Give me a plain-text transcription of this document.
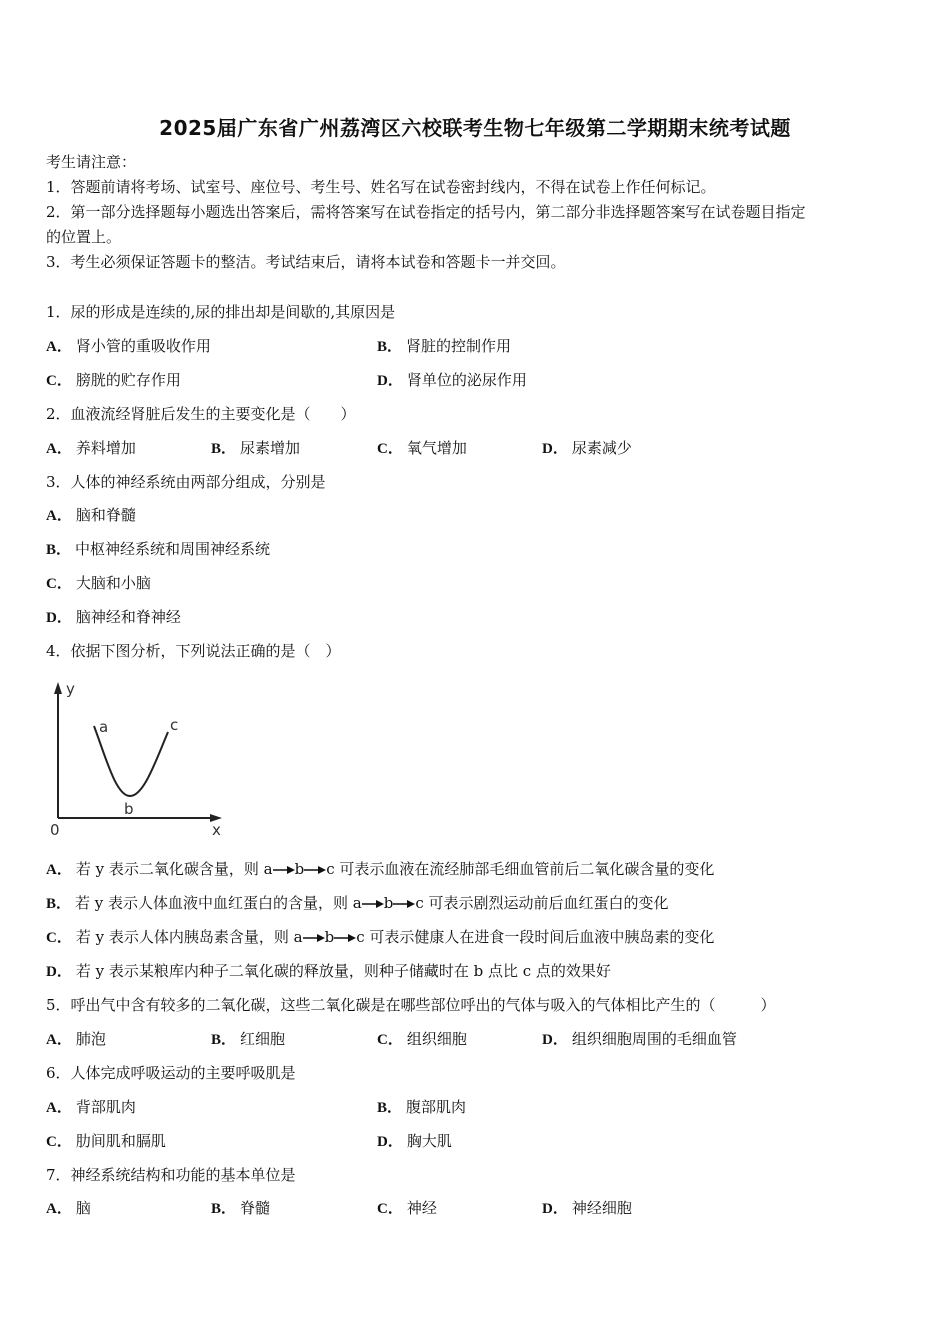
2025届广东省广州荔湾区六校联考生物七年级第二学期期末统考试题
考生请注意：
1．答题前请将考场、试室号、座位号、考生号、姓名写在试卷密封线内，不得在试卷上作任何标记。
2．第一部分选择题每小题选出答案后，需将答案写在试卷指定的括号内，第二部分非选择题答案写在试卷题目指定
的位置上。
3．考生必须保证答题卡的整洁。考试结束后，请将本试卷和答题卡一并交回。
1．尿的形成是连续的,尿的排出却是间歇的,其原因是
A． 肾小管的重吸收作用	B． 肾脏的控制作用
C． 膀胱的贮存作用	D． 肾单位的泌尿作用
2．血液流经肾脏后发生的主要变化是（　　）
A． 养料增加	B． 尿素增加	C． 氧气增加	D． 尿素减少
3．人体的神经系统由两部分组成，分别是
A． 脑和脊髓
B． 中枢神经系统和周围神经系统
C． 大脑和小脑
D． 脑神经和脊神经
4．依据下图分析，下列说法正确的是（　）
y
x
0
a
b
c
A． 若 y 表示二氧化碳含量，则 a b c 可表示血液在流经肺部毛细血管前后二氧化碳含量的变化
B． 若 y 表示人体血液中血红蛋白的含量，则 a b c 可表示剧烈运动前后血红蛋白的变化
C． 若 y 表示人体内胰岛素含量，则 a b c 可表示健康人在进食一段时间后血液中胰岛素的变化
D． 若 y 表示某粮库内种子二氧化碳的释放量，则种子储藏时在 b 点比 c 点的效果好
5．呼出气中含有较多的二氧化碳，这些二氧化碳是在哪些部位呼出的气体与吸入的气体相比产生的（　　　）
A． 肺泡	B． 红细胞	C． 组织细胞	D． 组织细胞周围的毛细血管
6．人体完成呼吸运动的主要呼吸肌是
A． 背部肌肉	B． 腹部肌肉
C． 肋间肌和膈肌	D． 胸大肌
7．神经系统结构和功能的基本单位是
A． 脑	B． 脊髓	C． 神经	D． 神经细胞
